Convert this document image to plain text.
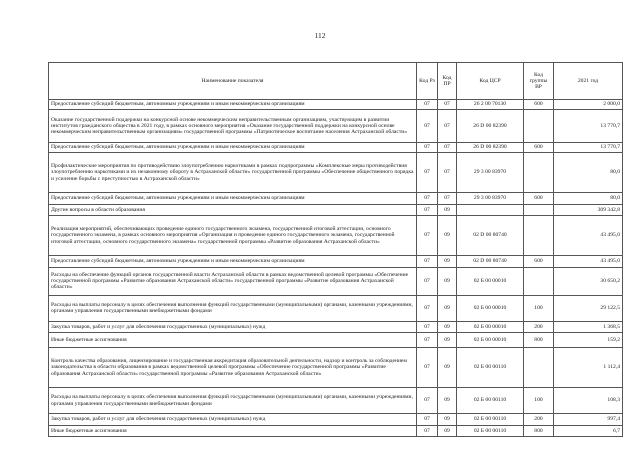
112
Наименование показателя	Код Рз	Код ПР	Код ЦСР	Код группы ВР	2021 год
Предоставление субсидий бюджетным, автономным учреждениям и иным некоммерческим организациям	07	07	26 2 00 70130	600	2 000,0
Оказание государственной поддержки на конкурсной основе некоммерческим неправительственным организациям, участвующим в развитии институтов гражданского общества в 2021 году, в рамках основного мероприятия «Оказание государственной поддержки на конкурсной основе некоммерческим неправительственным организациям» государственной программы «Патриотическое воспитание населения Астраханской области»	07	07	26 D 00 82390		13 770,7
Предоставление субсидий бюджетным, автономным учреждениям и иным некоммерческим организациям	07	07	26 D 00 82390	600	13 770,7
Профилактические мероприятия по противодействию злоупотреблению наркотиками в рамках подпрограммы «Комплексные меры противодействия злоупотреблению наркотиками и их незаконному обороту в Астраханской области» государственной программы «Обеспечение общественного порядка и усиление борьбы с преступностью в Астраханской области»	07	07	29 3 00 83970		80,0
Предоставление субсидий бюджетным, автономным учреждениям и иным некоммерческим организациям	07	07	29 3 00 83970	600	80,0
Другие вопросы в области образования	07	09			309 342,8
Реализация мероприятий, обеспечивающих проведение единого государственного экзамена, государственной итоговой аттестации, основного государственного экзамена, в рамках основного мероприятия «Организация и проведение единого государственного экзамена, государственной итоговой аттестации, основного государственного экзамена» государственной программы «Развитие образования Астраханской области»	07	09	02 D 00 80740		43 495,0
Предоставление субсидий бюджетным, автономным учреждениям и иным некоммерческим организациям	07	09	02 D 00 80740	600	43 495,0
Расходы на обеспечение функций органов государственной власти Астраханской области в рамках ведомственной целевой программы «Обеспечение государственной программы «Развитие образования Астраханской области» государственной программы «Развитие образования Астраханской области»	07	09	02 Б 00 00010		30 650,2
Расходы на выплаты персоналу в целях обеспечения выполнения функций государственными (муниципальными) органами, казенными учреждениями, органами управления государственными внебюджетными фондами	07	09	02 Б 00 00010	100	29 122,5
Закупка товаров, работ и услуг для обеспечения государственных (муниципальных) нужд	07	09	02 Б 00 00010	200	1 368,5
Иные бюджетные ассигнования	07	09	02 Б 00 00010	800	159,2
Контроль качества образования, лицензирование и государственная аккредитация образовательной деятельности, надзор и контроль за соблюдением законодательства в области образования в рамках ведомственной целевой программы «Обеспечение государственной программы «Развитие образования Астраханской области» государственной программы «Развитие образования Астраханской области»	07	09	02 Б 00 00110		1 112,4
Расходы на выплаты персоналу в целях обеспечения выполнения функций государственными (муниципальными) органами, казенными учреждениями, органами управления государственными внебюджетными фондами	07	09	02 Б 00 00110	100	108,3
Закупка товаров, работ и услуг для обеспечения государственных (муниципальных) нужд	07	09	02 Б 00 00110	200	997,4
Иные бюджетные ассигнования	07	09	02 Б 00 00110	800	6,7
